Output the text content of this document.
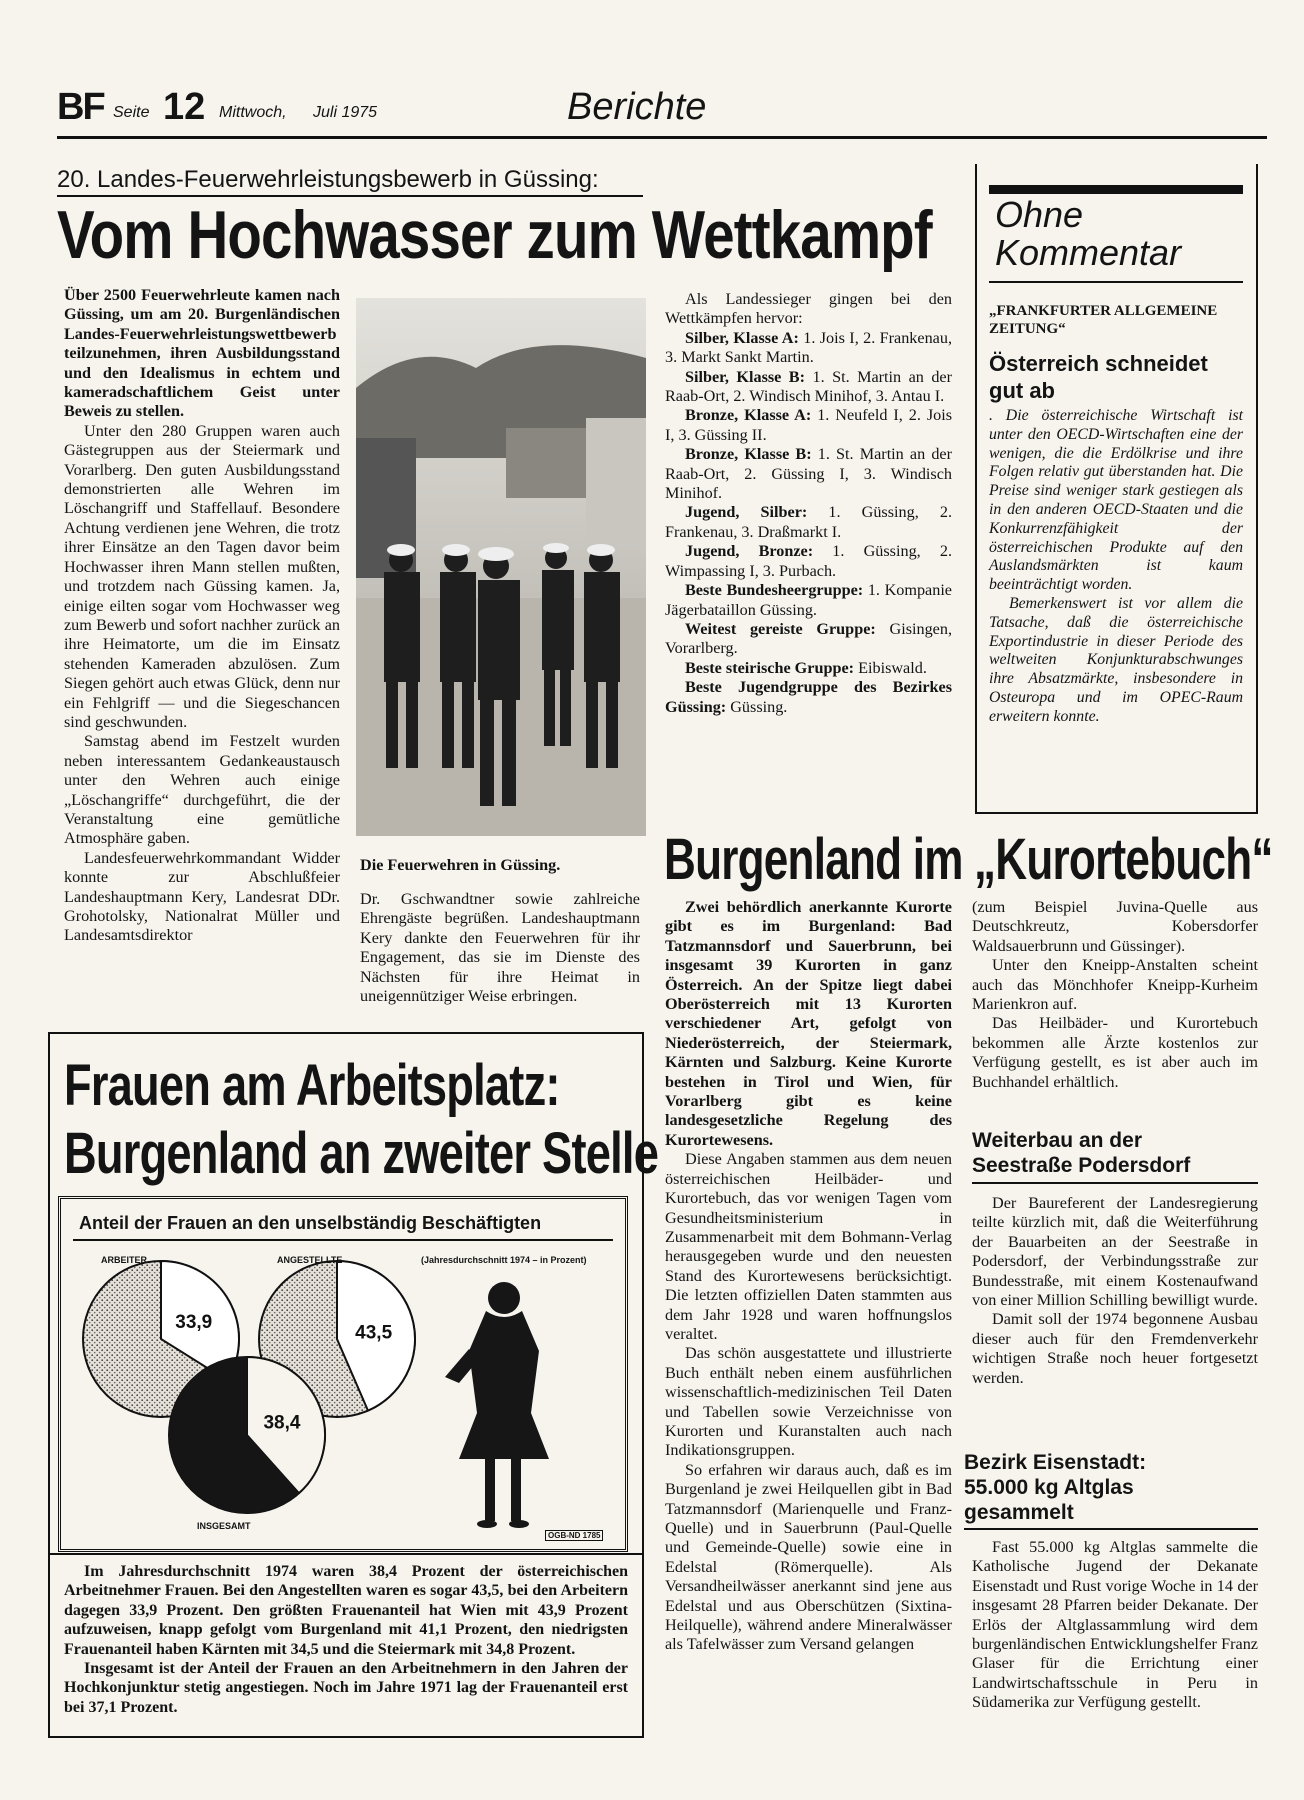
BF Seite 12 Mittwoch, Juli 1975	Berichte
20. Landes-Feuerwehrleistungsbewerb in Güssing:
Vom Hochwasser zum Wettkampf

Über 2500 Feuerwehrleute kamen nach Güssing, um am 20. Burgenländischen Landes-Feuerwehrleistungswettbewerb teilzunehmen, ihren Ausbildungsstand und den Idealismus in echtem und kameradschaftlichem Geist unter Beweis zu stellen.

Unter den 280 Gruppen waren auch Gästegruppen aus der Steiermark und Vorarlberg. Den guten Ausbildungsstand demonstrierten alle Wehren im Löschangriff und Staffellauf. Besondere Achtung verdienen jene Wehren, die trotz ihrer Einsätze an den Tagen davor beim Hochwasser ihren Mann stellen mußten, und trotzdem nach Güssing kamen. Ja, einige eilten sogar vom Hochwasser weg zum Bewerb und sofort nachher zurück an ihre Heimatorte, um die im Einsatz stehenden Kameraden abzulösen. Zum Siegen gehört auch etwas Glück, denn nur ein Fehlgriff — und die Siegeschancen sind geschwunden.

Samstag abend im Festzelt wurden neben interessantem Gedankeaustausch unter den Wehren auch einige „Löschangriffe“ durchgeführt, die der Veranstaltung eine gemütliche Atmosphäre gaben.

Landesfeuerwehrkommandant Widder konnte zur Abschlußfeier Landeshauptmann Kery, Landesrat DDr. Grohotolsky, Nationalrat Müller und Landesamtsdirektor

Die Feuerwehren in Güssing.

Dr. Gschwandtner sowie zahlreiche Ehrengäste begrüßen. Landeshauptmann Kery dankte den Feuerwehren für ihr Engagement, das sie im Dienste des Nächsten für ihre Heimat in uneigennütziger Weise erbringen.

Als Landessieger gingen bei den Wettkämpfen hervor:

Silber, Klasse A: 1. Jois I, 2. Frankenau, 3. Markt Sankt Martin.

Silber, Klasse B: 1. St. Martin an der Raab-Ort, 2. Windisch Minihof, 3. Antau I.

Bronze, Klasse A: 1. Neufeld I, 2. Jois I, 3. Güssing II.

Bronze, Klasse B: 1. St. Martin an der Raab-Ort, 2. Güssing I, 3. Windisch Minihof.

Jugend, Silber: 1. Güssing, 2. Frankenau, 3. Draßmarkt I.

Jugend, Bronze: 1. Güssing, 2. Wimpassing I, 3. Purbach.

Beste Bundesheergruppe: 1. Kompanie Jägerbataillon Güssing.

Weitest gereiste Gruppe: Gisingen, Vorarlberg.

Beste steirische Gruppe: Eibiswald.

Beste Jugendgruppe des Bezirkes Güssing: Güssing.

Ohne
Kommentar
„FRANKFURTER ALLGEMEINE ZEITUNG“
Österreich schneidet gut ab

. Die österreichische Wirtschaft ist unter den OECD-Wirtschaften eine der wenigen, die die Erdölkrise und ihre Folgen relativ gut überstanden hat. Die Preise sind weniger stark gestiegen als in den anderen OECD-Staaten und die Konkurrenzfähigkeit der österreichischen Produkte auf den Auslandsmärkten ist kaum beeinträchtigt worden.

Bemerkenswert ist vor allem die Tatsache, daß die österreichische Exportindustrie in dieser Periode des weltweiten Konjunkturabschwunges ihre Absatzmärkte, insbesondere in Osteuropa und im OPEC-Raum erweitern konnte.

Frauen am Arbeitsplatz:
Burgenland an zweiter Stelle
33,9
43,5
38,4
Anteil der Frauen an den unselbständig Beschäftigten
(Jahresdurchschnitt 1974 – in Prozent)
ARBEITER	ANGESTELLTE
INSGESAMT
OGB-ND 1785

Im Jahresdurchschnitt 1974 waren 38,4 Prozent der österreichischen Arbeitnehmer Frauen. Bei den Angestellten waren es sogar 43,5, bei den Arbeitern dagegen 33,9 Prozent. Den größten Frauenanteil hat Wien mit 43,9 Prozent aufzuweisen, knapp gefolgt vom Burgenland mit 41,1 Prozent, den niedrigsten Frauenanteil haben Kärnten mit 34,5 und die Steiermark mit 34,8 Prozent.

Insgesamt ist der Anteil der Frauen an den Arbeitnehmern in den Jahren der Hochkonjunktur stetig angestiegen. Noch im Jahre 1971 lag der Frauenanteil erst bei 37,1 Prozent.

Burgenland im „Kurortebuch“

Zwei behördlich anerkannte Kurorte gibt es im Burgenland: Bad Tatzmannsdorf und Sauerbrunn, bei insgesamt 39 Kurorten in ganz Österreich. An der Spitze liegt dabei Oberösterreich mit 13 Kurorten verschiedener Art, gefolgt von Niederösterreich, der Steiermark, Kärnten und Salzburg. Keine Kurorte bestehen in Tirol und Wien, für Vorarlberg gibt es keine landesgesetzliche Regelung des Kurortewesens.

Diese Angaben stammen aus dem neuen österreichischen Heilbäder- und Kurortebuch, das vor wenigen Tagen vom Gesundheitsministerium in Zusammenarbeit mit dem Bohmann-Verlag herausgegeben wurde und den neuesten Stand des Kurortewesens berücksichtigt. Die letzten offiziellen Daten stammten aus dem Jahr 1928 und waren hoffnungslos veraltet.

Das schön ausgestattete und illustrierte Buch enthält neben einem ausführlichen wissenschaftlich-medizinischen Teil Daten und Tabellen sowie Verzeichnisse von Kurorten und Kuranstalten auch nach Indikationsgruppen.

So erfahren wir daraus auch, daß es im Burgenland je zwei Heilquellen gibt in Bad Tatzmannsdorf (Marienquelle und Franz-Quelle) und in Sauerbrunn (Paul-Quelle und Gemeinde-Quelle) sowie eine in Edelstal (Römerquelle). Als Versandheilwässer anerkannt sind jene aus Edelstal und aus Oberschützen (Sixtina-Heilquelle), während andere Mineralwässer als Tafelwässer zum Versand gelangen

(zum Beispiel Juvina-Quelle aus Deutschkreutz, Kobersdorfer Waldsauerbrunn und Güssinger).

Unter den Kneipp-Anstalten scheint auch das Mönchhofer Kneipp-Kurheim Marienkron auf.

Das Heilbäder- und Kurortebuch bekommen alle Ärzte kostenlos zur Verfügung gestellt, es ist aber auch im Buchhandel erhältlich.

Weiterbau an der Seestraße Podersdorf

Der Baureferent der Landesregierung teilte kürzlich mit, daß die Weiterführung der Bauarbeiten an der Seestraße in Podersdorf, der Verbindungsstraße zur Bundesstraße, mit einem Kostenaufwand von einer Million Schilling bewilligt wurde.

Damit soll der 1974 begonnene Ausbau dieser auch für den Fremdenverkehr wichtigen Straße noch heuer fortgesetzt werden.

Bezirk Eisenstadt: 55.000 kg Altglas gesammelt

Fast 55.000 kg Altglas sammelte die Katholische Jugend der Dekanate Eisenstadt und Rust vorige Woche in 14 der insgesamt 28 Pfarren beider Dekanate. Der Erlös der Altglassammlung wird dem burgenländischen Entwicklungshelfer Franz Glaser für die Errichtung einer Landwirtschaftsschule in Peru in Südamerika zur Verfügung gestellt.
